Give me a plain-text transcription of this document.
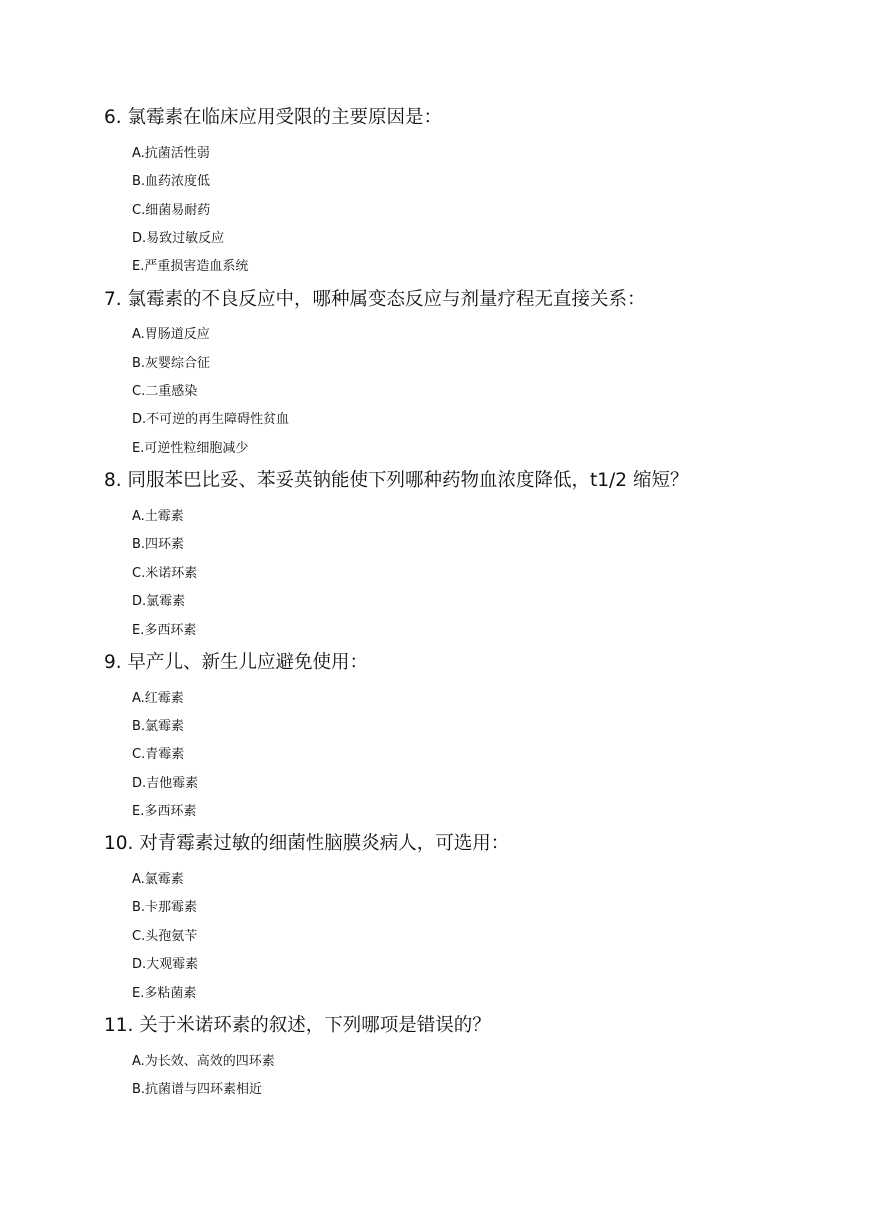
6. 氯霉素在临床应用受限的主要原因是：
A.抗菌活性弱
B.血药浓度低
C.细菌易耐药
D.易致过敏反应
E.严重损害造血系统
7. 氯霉素的不良反应中，哪种属变态反应与剂量疗程无直接关系：
A.胃肠道反应
B.灰婴综合征
C.二重感染
D.不可逆的再生障碍性贫血
E.可逆性粒细胞减少
8. 同服苯巴比妥、苯妥英钠能使下列哪种药物血浓度降低，t1/2 缩短？
A.土霉素
B.四环素
C.米诺环素
D.氯霉素
E.多西环素
9. 早产儿、新生儿应避免使用：
A.红霉素
B.氯霉素
C.青霉素
D.吉他霉素
E.多西环素
10. 对青霉素过敏的细菌性脑膜炎病人，可选用：
A.氯霉素
B.卡那霉素
C.头孢氨苄
D.大观霉素
E.多粘菌素
11. 关于米诺环素的叙述，下列哪项是错误的？
A.为长效、高效的四环素
B.抗菌谱与四环素相近
